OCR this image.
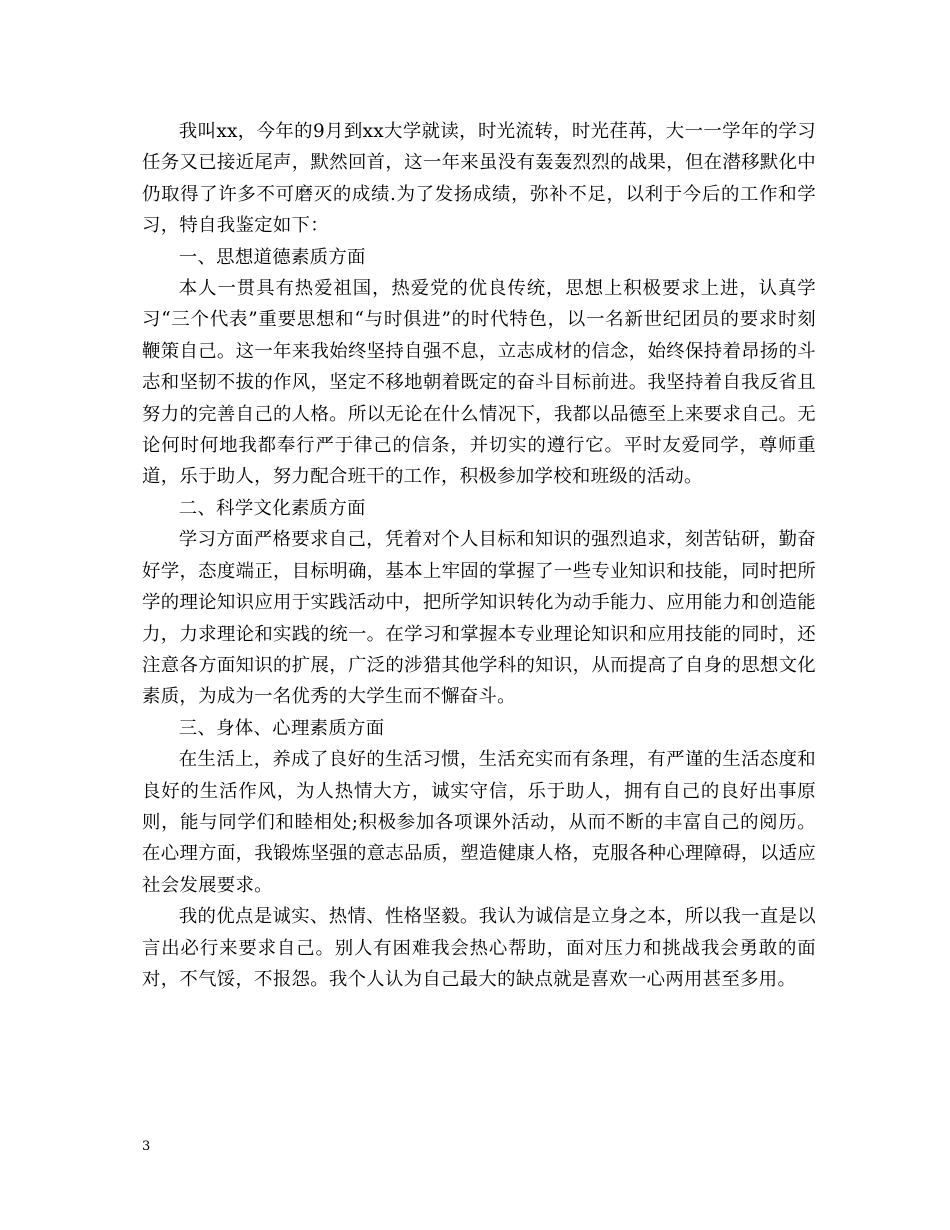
我叫xx，今年的9月到xx大学就读，时光流转，时光荏苒，大一一学年的学习任务又已接近尾声，默然回首，这一年来虽没有轰轰烈烈的战果，但在潜移默化中仍取得了许多不可磨灭的成绩.为了发扬成绩，弥补不足，以利于今后的工作和学习，特自我鉴定如下：

一、思想道德素质方面

本人一贯具有热爱祖国，热爱党的优良传统，思想上积极要求上进，认真学习“三个代表”重要思想和“与时俱进”的时代特色，以一名新世纪团员的要求时刻鞭策自己。这一年来我始终坚持自强不息，立志成材的信念，始终保持着昂扬的斗志和坚韧不拔的作风，坚定不移地朝着既定的奋斗目标前进。我坚持着自我反省且努力的完善自己的人格。所以无论在什么情况下，我都以品德至上来要求自己。无论何时何地我都奉行严于律己的信条，并切实的遵行它。平时友爱同学，尊师重道，乐于助人，努力配合班干的工作，积极参加学校和班级的活动。

二、科学文化素质方面

学习方面严格要求自己，凭着对个人目标和知识的强烈追求，刻苦钻研，勤奋好学，态度端正，目标明确，基本上牢固的掌握了一些专业知识和技能，同时把所学的理论知识应用于实践活动中，把所学知识转化为动手能力、应用能力和创造能力，力求理论和实践的统一。在学习和掌握本专业理论知识和应用技能的同时，还注意各方面知识的扩展，广泛的涉猎其他学科的知识，从而提高了自身的思想文化素质，为成为一名优秀的大学生而不懈奋斗。

三、身体、心理素质方面

在生活上，养成了良好的生活习惯，生活充实而有条理，有严谨的生活态度和良好的生活作风，为人热情大方，诚实守信，乐于助人，拥有自己的良好出事原则，能与同学们和睦相处;积极参加各项课外活动，从而不断的丰富自己的阅历。在心理方面，我锻炼坚强的意志品质，塑造健康人格，克服各种心理障碍，以适应社会发展要求。

我的优点是诚实、热情、性格坚毅。我认为诚信是立身之本，所以我一直是以言出必行来要求自己。别人有困难我会热心帮助，面对压力和挑战我会勇敢的面对，不气馁，不报怨。我个人认为自己最大的缺点就是喜欢一心两用甚至多用。

3
